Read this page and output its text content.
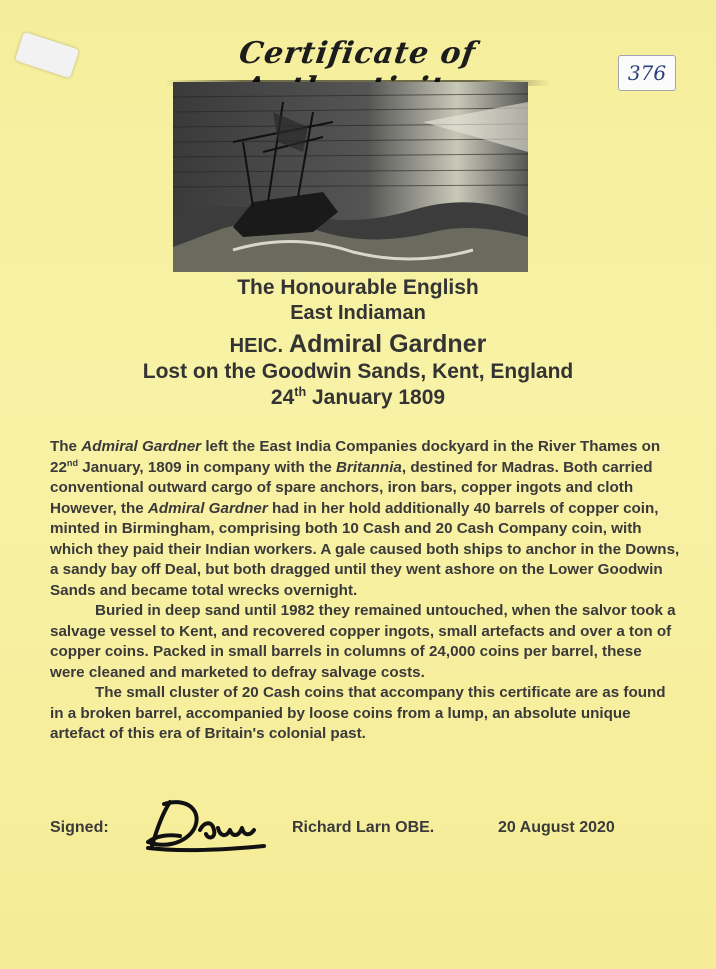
Certificate of
376
The Honourable English
East Indiaman
HEIC. Admiral Gardner
Lost on the Goodwin Sands, Kent, England
24th January 1809

The Admiral Gardner left the East India Companies dockyard in the River Thames on 22nd January, 1809 in company with the Britannia, destined for Madras. Both carried conventional outward cargo of spare anchors, iron bars, copper ingots and cloth However, the Admiral Gardner had in her hold additionally 40 barrels of copper coin, minted in Birmingham, comprising both 10 Cash and 20 Cash Company coin, with which they paid their Indian workers. A gale caused both ships to anchor in the Downs, a sandy bay off Deal, but both dragged until they went ashore on the Lower Goodwin Sands and became total wrecks overnight.

Buried in deep sand until 1982 they remained untouched, when the salvor took a salvage vessel to Kent, and recovered copper ingots, small artefacts and over a ton of copper coins. Packed in small barrels in columns of 24,000 coins per barrel, these were cleaned and marketed to defray salvage costs.

The small cluster of 20 Cash coins that accompany this certificate are as found in a broken barrel, accompanied by loose coins from a lump, an absolute unique artefact of this era of Britain's colonial past.

Signed:	Richard Larn OBE.	20 August 2020
